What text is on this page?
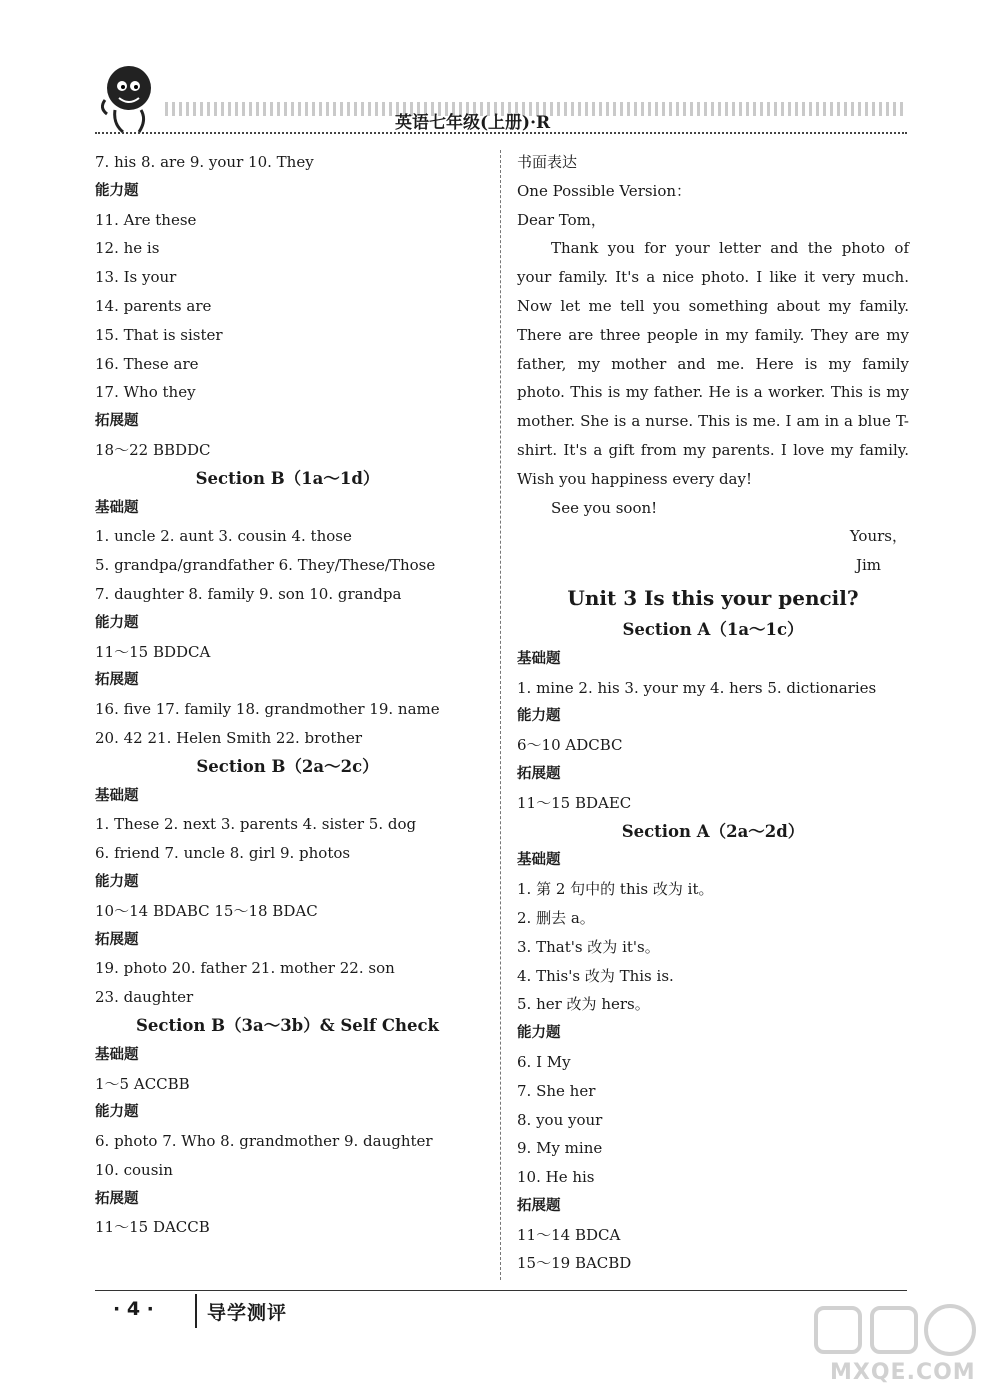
英语七年级(上册)·R
7. his 8. are 9. your 10. They
能力题
11. Are these
12. he is
13. Is your
14. parents are
15. That is sister
16. These are
17. Who they
拓展题
18～22 BBDDC
Section B（1a～1d）
基础题
1. uncle 2. aunt 3. cousin 4. those
5. grandpa/grandfather 6. They/These/Those
7. daughter 8. family 9. son 10. grandpa
能力题
11～15 BDDCA
拓展题
16. five 17. family 18. grandmother 19. name
20. 42 21. Helen Smith 22. brother
Section B（2a～2c）
基础题
1. These 2. next 3. parents 4. sister 5. dog
6. friend 7. uncle 8. girl 9. photos
能力题
10～14 BDABC 15～18 BDAC
拓展题
19. photo 20. father 21. mother 22. son
23. daughter
Section B（3a～3b）& Self Check
基础题
1～5 ACCBB
能力题
6. photo 7. Who 8. grandmother 9. daughter
10. cousin
拓展题
11～15 DACCB
书面表达
One Possible Version：
Dear Tom，

Thank you for your letter and the photo of your family. It's a nice photo. I like it very much. Now let me tell you something about my family. There are three people in my family. They are my father, my mother and me. Here is my family photo. This is my father. He is a worker. This is my mother. She is a nurse. This is me. I am in a blue T-shirt. It's a gift from my parents. I love my family. Wish you happiness every day!

See you soon!
Yours，
Jim
Unit 3 Is this your pencil?
Section A（1a～1c）
基础题
1. mine 2. his 3. your my 4. hers 5. dictionaries
能力题
6～10 ADCBC
拓展题
11～15 BDAEC
Section A（2a～2d）
基础题
1. 第 2 句中的 this 改为 it。
2. 删去 a。
3. That's 改为 it's。
4. This's 改为 This is.
5. her 改为 hers。
能力题
6. I My
7. She her
8. you your
9. My mine
10. He his
拓展题
11～14 BDCA
15～19 BACBD
· 4 ·	导学测评
MXQE.COM
